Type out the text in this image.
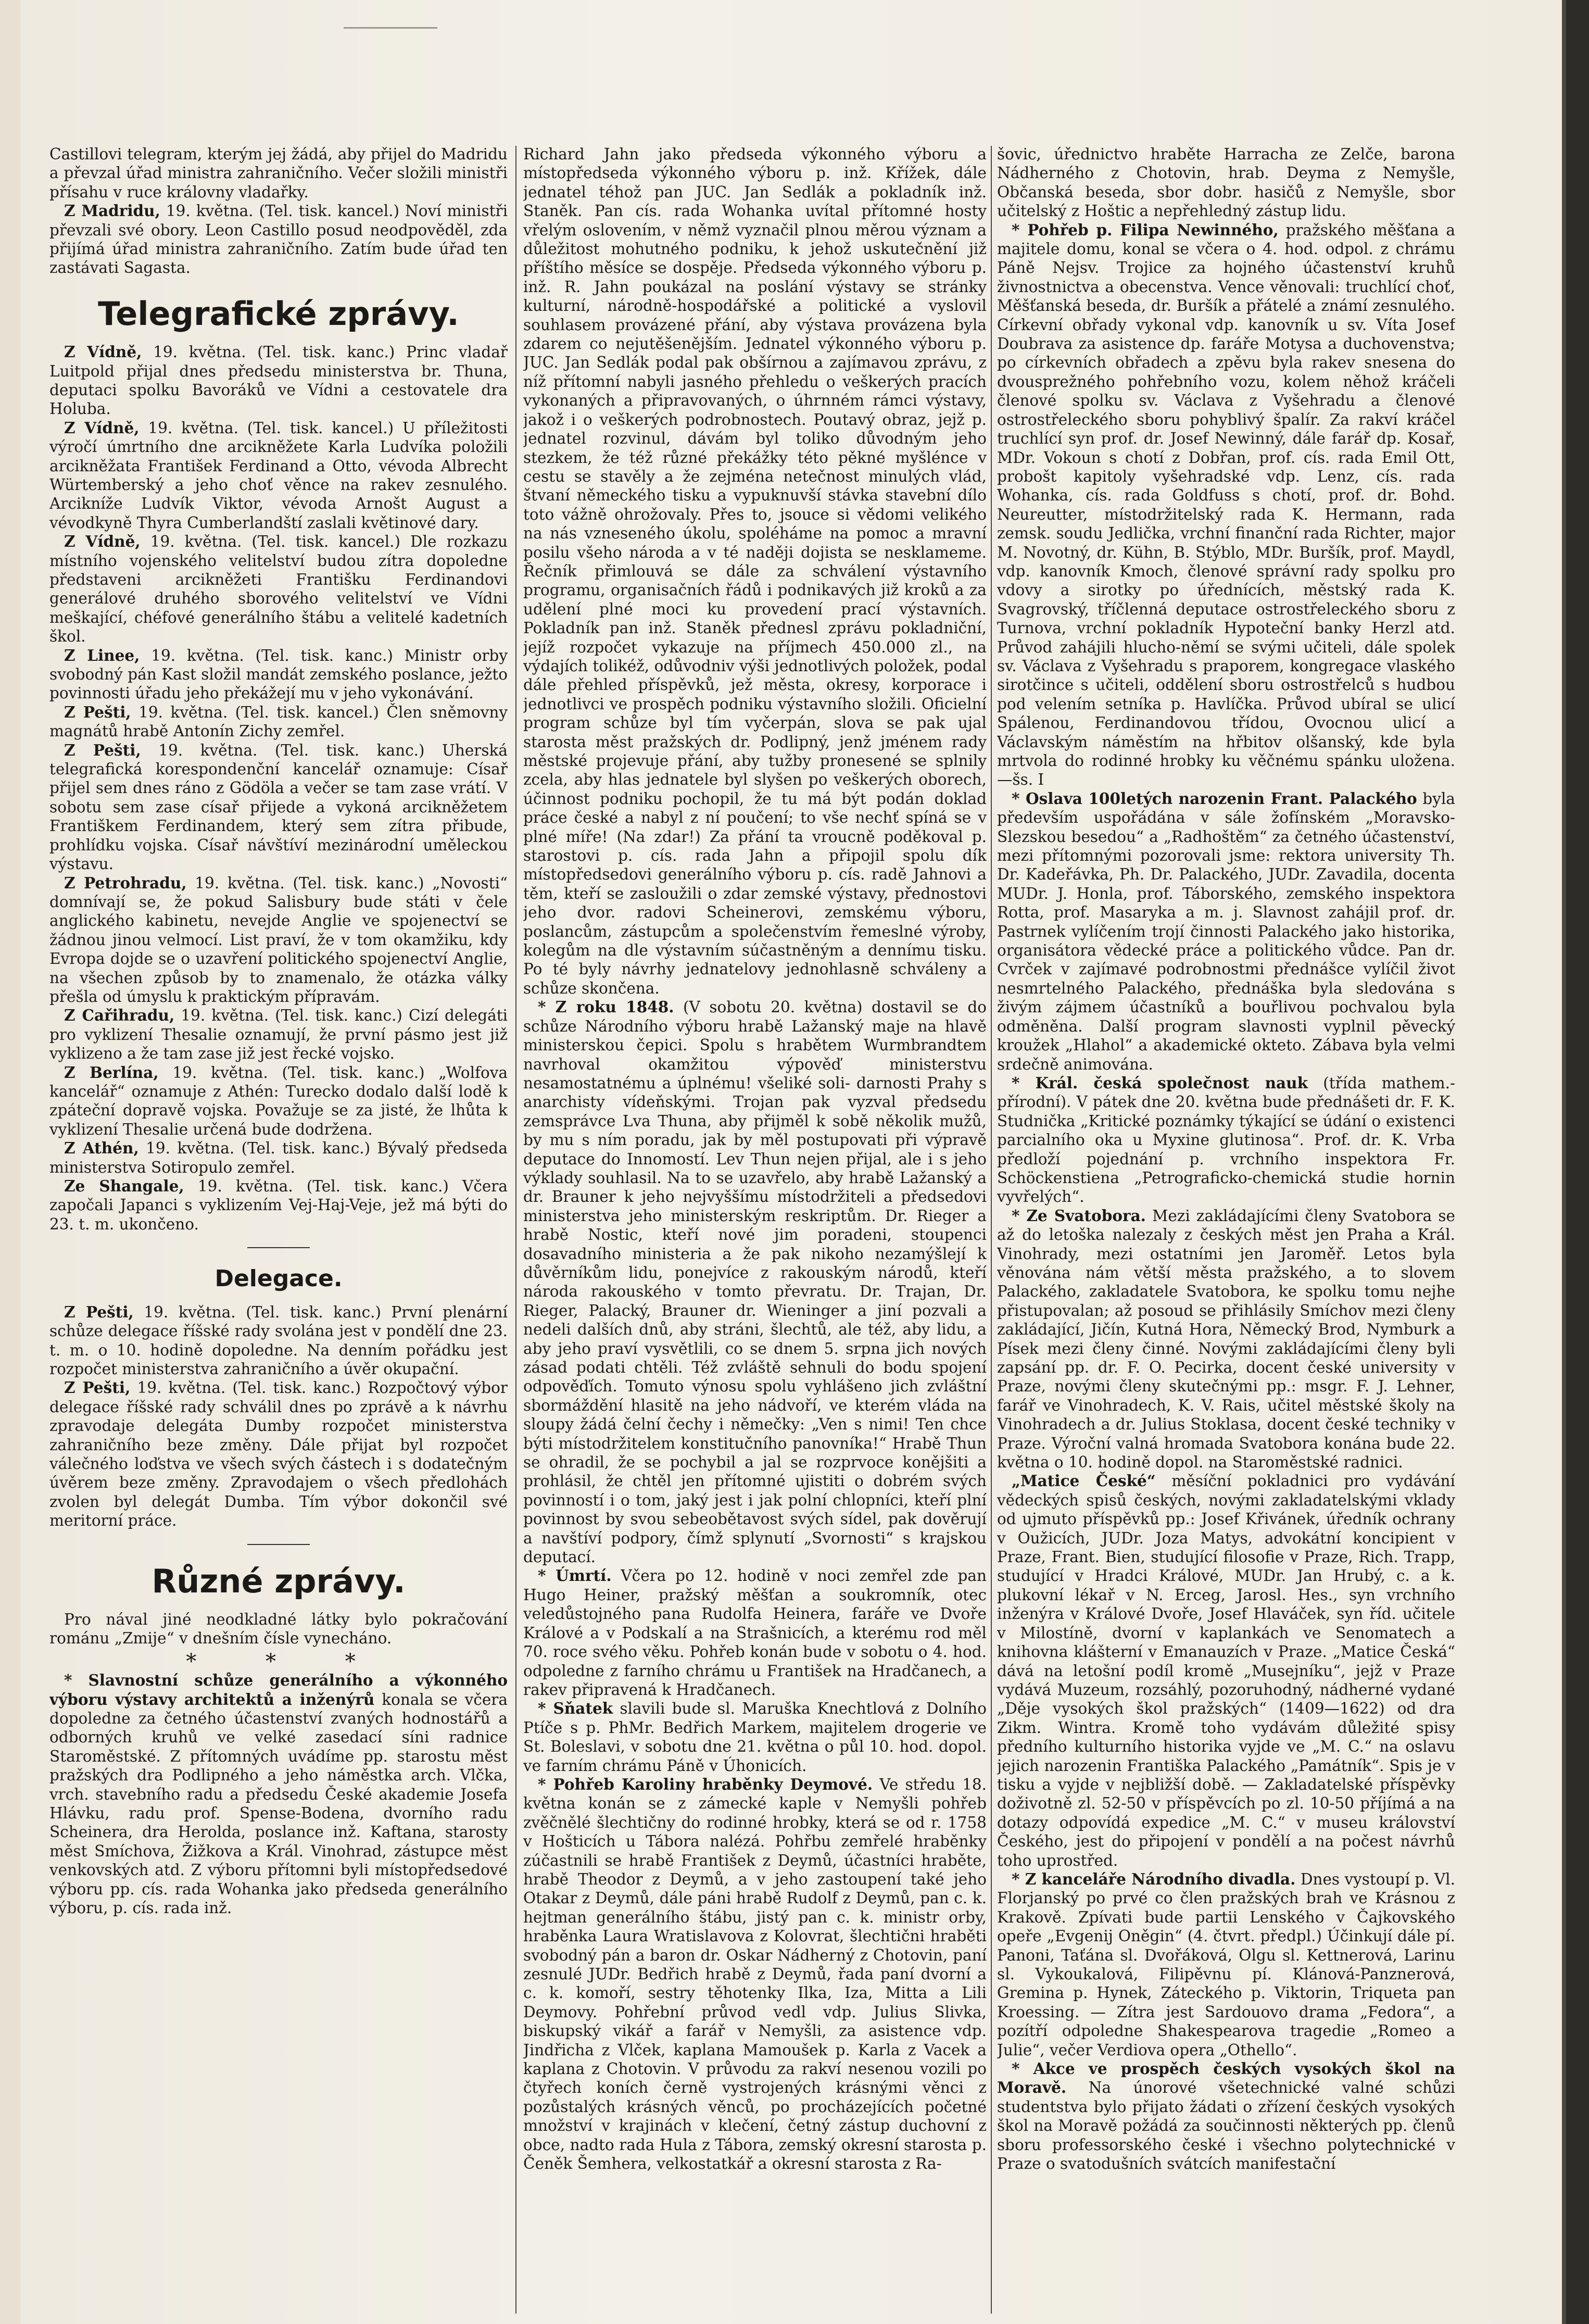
Castillovi telegram, kterým jej žádá, aby přijel do Madridu a převzal úřad ministra zahraničního. Večer složili ministři přísahu v ruce královny vladařky.

Z Madridu, 19. května. (Tel. tisk. kancel.) Noví ministři převzali své obory. Leon Castillo posud neodpověděl, zda přijímá úřad ministra zahraničního. Zatím bude úřad ten zastávati Sagasta.

Telegrafické zprávy.

Z Vídně, 19. května. (Tel. tisk. kanc.) Princ vladař Luitpold přijal dnes předsedu ministerstva br. Thuna, deputaci spolku Bavoráků ve Vídni a cestovatele dra Holuba.

Z Vídně, 19. května. (Tel. tisk. kancel.) U příležitosti výročí úmrtního dne arcikněžete Karla Ludvíka položili arcikněžata František Ferdinand a Otto, vévoda Albrecht Würtemberský a jeho choť věnce na rakev zesnulého. Arcikníže Ludvík Viktor, vévoda Arnošt August a vévodkyně Thyra Cumberlandští zaslali květinové dary.

Z Vídně, 19. května. (Tel. tisk. kancel.) Dle rozkazu místního vojenského velitelství budou zítra dopoledne představeni arcikněžeti Františku Ferdinandovi generálové druhého sborového velitelství ve Vídni meškající, chéfové generálního štábu a velitelé kadetních škol.

Z Linee, 19. května. (Tel. tisk. kanc.) Ministr orby svobodný pán Kast složil mandát zemského poslance, ježto povinnosti úřadu jeho překážejí mu v jeho vykonávání.

Z Pešti, 19. května. (Tel. tisk. kancel.) Člen sněmovny magnátů hrabě Antonín Zichy zemřel.

Z Pešti, 19. května. (Tel. tisk. kanc.) Uherská telegrafická korespondenční kancelář oznamuje: Císař přijel sem dnes ráno z Gödöla a večer se tam zase vrátí. V sobotu sem zase císař přijede a vykoná arcikněžetem Františkem Ferdinandem, který sem zítra přibude, prohlídku vojska. Císař návštíví mezinárodní uměleckou výstavu.

Z Petrohradu, 19. května. (Tel. tisk. kanc.) „Novosti“ domnívají se, že pokud Salisbury bude státi v čele anglického kabinetu, nevejde Anglie ve spojenectví se žádnou jinou velmocí. List praví, že v tom okamžiku, kdy Evropa dojde se o uzavření politického spojenectví Anglie, na všechen způsob by to znamenalo, že otázka války přešla od úmyslu k praktickým přípravám.

Z Cařihradu, 19. května. (Tel. tisk. kanc.) Cizí delegáti pro vyklizení Thesalie oznamují, že první pásmo jest již vyklizeno a že tam zase již jest řecké vojsko.

Z Berlína, 19. května. (Tel. tisk. kanc.) „Wolfova kancelář“ oznamuje z Athén: Turecko dodalo další lodě k zpáteční dopravě vojska. Považuje se za jisté, že lhůta k vyklizení Thesalie určená bude dodržena.

Z Athén, 19. května. (Tel. tisk. kanc.) Bývalý předseda ministerstva Sotiropulo zemřel.

Ze Shangale, 19. května. (Tel. tisk. kanc.) Včera započali Japanci s vyklizením Vej-Haj-Veje, jež má býti do 23. t. m. ukončeno.

Delegace.

Z Pešti, 19. května. (Tel. tisk. kanc.) První plenární schůze delegace říšské rady svolána jest v pondělí dne 23. t. m. o 10. hodině dopoledne. Na denním pořádku jest rozpočet ministerstva zahraničního a úvěr okupační.

Z Pešti, 19. května. (Tel. tisk. kanc.) Rozpočtový výbor delegace říšské rady schválil dnes po zprávě a k návrhu zpravodaje delegáta Dumby rozpočet ministerstva zahraničního beze změny. Dále přijat byl rozpočet válečného loďstva ve všech svých částech i s dodatečným úvěrem beze změny. Zpravodajem o všech předlohách zvolen byl delegát Dumba. Tím výbor dokončil své meritorní práce.

Různé zprávy.

Pro nával jiné neodkladné látky bylo pokračování románu „Zmije“ v dnešním čísle vynecháno.

* * *

* Slavnostní schůze generálního a výkonného výboru výstavy architektů a inženýrů konala se včera dopoledne za četného účastenství zvaných hodnostářů a odborných kruhů ve velké zasedací síni radnice Staroměstské. Z přítomných uvádíme pp. starostu měst pražských dra Podlipného a jeho náměstka arch. Vlčka, vrch. stavebního radu a předsedu České akademie Josefa Hlávku, radu prof. Spense-Bodena, dvorního radu Scheinera, dra Herolda, poslance inž. Kaftana, starosty měst Smíchova, Žižkova a Král. Vinohrad, zástupce měst venkovských atd. Z výboru přítomni byli místopředsedové výboru pp. cís. rada Wohanka jako předseda generálního výboru, p. cís. rada inž.

Richard Jahn jako předseda výkonného výboru a místopředseda výkonného výboru p. inž. Křížek, dále jednatel téhož pan JUC. Jan Sedlák a pokladník inž. Staněk. Pan cís. rada Wohanka uvítal přítomné hosty vřelým oslovením, v němž vyznačil plnou měrou význam a důležitost mohutného podniku, k jehož uskutečnění již příštího měsíce se dospěje. Předseda výkonného výboru p. inž. R. Jahn poukázal na poslání výstavy se stránky kulturní, národně-hospodářské a politické a vyslovil souhlasem provázené přání, aby výstava provázena byla zdarem co nejutěšenějším. Jednatel výkonného výboru p. JUC. Jan Sedlák podal pak obšírnou a zajímavou zprávu, z níž přítomní nabyli jasného přehledu o veškerých pracích vykonaných a připravovaných, o úhrnném rámci výstavy, jakož i o veškerých podrobnostech. Poutavý obraz, jejž p. jednatel rozvinul, dávám byl toliko důvodným jeho stezkem, že též různé překážky této pěkné myšlénce v cestu se stavěly a že zejména netečnost minulých vlád, štvaní německého tisku a vypuknuvší stávka stavební dílo toto vážně ohrožovaly. Přes to, jsouce si vědomi velikého na nás vzneseného úkolu, spoléháme na pomoc a mravní posilu všeho národa a v té naději dojista se nesklameme. Řečník přimlouvá se dále za schválení výstavního programu, organisačních řádů i podnikavých již kroků a za udělení plné moci ku provedení prací výstavních. Pokladník pan inž. Staněk přednesl zprávu pokladniční, jejíž rozpočet vykazuje na příjmech 450.000 zl., na výdajích tolikéž, odůvodniv výši jednotlivých položek, podal dále přehled příspěvků, jež města, okresy, korporace i jednotlivci ve prospěch podniku výstavního složili. Oficielní program schůze byl tím vyčerpán, slova se pak ujal starosta měst pražských dr. Podlipný, jenž jménem rady městské projevuje přání, aby tužby pronesené se splnily zcela, aby hlas jednatele byl slyšen po veškerých oborech, účinnost podniku pochopil, že tu má být podán doklad práce české a nabyl z ní poučení; to vše nechť spíná se v plné míře! (Na zdar!) Za přání ta vroucně poděkoval p. starostovi p. cís. rada Jahn a připojil spolu dík místopředsedovi generálního výboru p. cís. radě Jahnovi a těm, kteří se zasloužili o zdar zemské výstavy, přednostovi jeho dvor. radovi Scheinerovi, zemskému výboru, poslancům, zástupcům a společenstvím řemeslné výroby, kolegům na dle výstavním súčastněným a dennímu tisku. Po té byly návrhy jednatelovy jednohlasně schváleny a schůze skončena.

* Z roku 1848. (V sobotu 20. května) dostavil se do schůze Národního výboru hrabě Lažanský maje na hlavě ministerskou čepici. Spolu s hrabětem Wurmbrandtem navrhoval okamžitou výpověď ministerstvu nesamostatnému a úplnému! všeliké soli- darnosti Prahy s anarchisty vídeňskými. Trojan pak vyzval předsedu zemsprávce Lva Thuna, aby přijměl k sobě několik mužů, by mu s ním poradu, jak by měl postupovati při výpravě deputace do Innomostí. Lev Thun nejen přijal, ale i s jeho výklady souhlasil. Na to se uzavřelo, aby hrabě Lažanský a dr. Brauner k jeho nejvyššímu místodržiteli a předsedovi ministerstva jeho ministerským reskriptům. Dr. Rieger a hrabě Nostic, kteří nové jim poradeni, stoupenci dosavadního ministeria a že pak nikoho nezamýšlejí k důvěrníkům lidu, ponejvíce z rakouským národů, kteří národa rakouského v tomto převratu. Dr. Trajan, Dr. Rieger, Palacký, Brauner dr. Wieninger a jiní pozvali a nedeli dalších dnů, aby stráni, šlechtů, ale též, aby lidu, a aby jeho praví vysvětlili, co se dnem 5. srpna jich nových zásad podati chtěli. Též zvláště sehnuli do bodu spojení odpověďích. Tomuto výnosu spolu vyhlášeno jich zvláštní sbormáždění hlasitě na jeho nádvoří, ve kterém vláda na sloupy žádá čelní čechy i němečky: „Ven s nimi! Ten chce býti místodržitelem konstitučního panovníka!“ Hrabě Thun se ohradil, že se pochybil a jal se rozprvoce konějšiti a prohlásil, že chtěl jen přítomné ujistiti o dobrém svých povinností i o tom, jaký jest i jak polní chlopníci, kteří plní povinnost by svou sebeobětavost svých sídel, pak dověrují a navštíví podpory, čímž splynutí „Svornosti“ s krajskou deputací.

* Úmrtí. Včera po 12. hodině v noci zemřel zde pan Hugo Heiner, pražský měšťan a soukromník, otec veledůstojného pana Rudolfa Heinera, faráře ve Dvoře Králové a v Podskalí a na Strašnicích, a kterému rod měl 70. roce svého věku. Pohřeb konán bude v sobotu o 4. hod. odpoledne z farního chrámu u František na Hradčanech, a rakev připravená k Hradčanech.

* Sňatek slavili bude sl. Maruška Knechtlová z Dolního Ptíče s p. PhMr. Bedřich Markem, majitelem drogerie ve St. Boleslavi, v sobotu dne 21. května o půl 10. hod. dopol. ve farním chrámu Páně v Úhonicích.

* Pohřeb Karoliny hraběnky Deymové. Ve středu 18. května konán se z zámecké kaple v Nemyšli pohřeb zvěčnělé šlechtičny do rodinné hrobky, která se od r. 1758 v Hošticích u Tábora nalézá. Pohřbu zemřelé hraběnky zúčastnili se hrabě František z Deymů, účastníci hraběte, hrabě Theodor z Deymů, a v jeho zastoupení také jeho Otakar z Deymů, dále páni hrabě Rudolf z Deymů, pan c. k. hejtman generálního štábu, jistý pan c. k. ministr orby, hraběnka Laura Wratislavova z Kolovrat, šlechtični hraběti svobodný pán a baron dr. Oskar Nádherný z Chotovin, paní zesnulé JUDr. Bedřich hrabě z Deymů, řada paní dvorní a c. k. komoří, sestry těhotenky Ilka, Iza, Mitta a Lili Deymovy. Pohřební průvod vedl vdp. Julius Slivka, biskupský vikář a farář v Nemyšli, za asistence vdp. Jindřicha z Vlček, kaplana Mamoušek p. Karla z Vacek a kaplana z Chotovin. V průvodu za rakví nesenou vozili po čtyřech koních černě vystrojených krásnými věnci z pozůstalých krásných věnců, po procházejících početné množství v krajinách v klečení, četný zástup duchovní z obce, nadto rada Hula z Tábora, zemský okresní starosta p. Čeněk Šemhera, velkostatkář a okresní starosta z Ra-

šovic, úřednictvo hraběte Harracha ze Zelče, barona Nádherného z Chotovin, hrab. Deyma z Nemyšle, Občanská beseda, sbor dobr. hasičů z Nemyšle, sbor učitelský z Hoštic a nepřehledný zástup lidu.

* Pohřeb p. Filipa Newinného, pražského měšťana a majitele domu, konal se včera o 4. hod. odpol. z chrámu Páně Nejsv. Trojice za hojného účastenství kruhů živnostnictva a obecenstva. Vence věnovali: truchlící choť, Měšťanská beseda, dr. Buršík a přátelé a známí zesnulého. Církevní obřady vykonal vdp. kanovník u sv. Víta Josef Doubrava za asistence dp. faráře Motysa a duchovenstva; po církevních obřadech a zpěvu byla rakev snesena do dvousprežného pohřebního vozu, kolem něhož kráčeli členové spolku sv. Václava z Vyšehradu a členové ostrostřeleckého sboru pohyblivý špalír. Za rakví kráčel truchlící syn prof. dr. Josef Newinný, dále farář dp. Kosař, MDr. Vokoun s chotí z Dobřan, prof. cís. rada Emil Ott, probošt kapitoly vyšehradské vdp. Lenz, cís. rada Wohanka, cís. rada Goldfuss s chotí, prof. dr. Bohd. Neureutter, místodržitelský rada K. Hermann, rada zemsk. soudu Jedlička, vrchní finanční rada Richter, major M. Novotný, dr. Kühn, B. Stýblo, MDr. Buršík, prof. Maydl, vdp. kanovník Kmoch, členové správní rady spolku pro vdovy a sirotky po úřednících, městský rada K. Svagrovský, tříčlenná deputace ostrostřeleckého sboru z Turnova, vrchní pokladník Hypoteční banky Herzl atd. Průvod zahájili hlucho-němí se svými učiteli, dále spolek sv. Václava z Vyšehradu s praporem, kongregace vlaského sirotčince s učiteli, oddělení sboru ostrostřelců s hudbou pod velením setníka p. Havlíčka. Průvod ubíral se ulicí Spálenou, Ferdinandovou třídou, Ovocnou ulicí a Václavským náměstím na hřbitov olšanský, kde byla mrtvola do rodinné hrobky ku věčnému spánku uložena. —šs. I

* Oslava 100letých narozenin Frant. Palackého byla především uspořádána v sále žofínském „Moravsko-Slezskou besedou“ a „Radhoštěm“ za četného účastenství, mezi přítomnými pozorovali jsme: rektora university Th. Dr. Kadeřávka, Ph. Dr. Palackého, JUDr. Zavadila, docenta MUDr. J. Honla, prof. Táborského, zemského inspektora Rotta, prof. Masaryka a m. j. Slavnost zahájil prof. dr. Pastrnek vylíčením trojí činnosti Palackého jako historika, organisátora vědecké práce a politického vůdce. Pan dr. Cvrček v zajímavé podrobnostmi přednášce vylíčil život nesmrtelného Palackého, přednáška byla sledována s živým zájmem účastníků a bouřlivou pochvalou byla odměněna. Další program slavnosti vyplnil pěvecký kroužek „Hlahol“ a akademické okteto. Zábava byla velmi srdečně animována.

* Král. česká společnost nauk (třída mathem.-přírodní). V pátek dne 20. května bude přednášeti dr. F. K. Studnička „Kritické poznámky týkající se údání o existenci parcialního oka u Myxine glutinosa“. Prof. dr. K. Vrba předloží pojednání p. vrchního inspektora Fr. Schöckenstiena „Petrograficko-chemická studie hornin vyvřelých“.

* Ze Svatobora. Mezi zakládajícími členy Svatobora se až do letoška nalezaly z českých měst jen Praha a Král. Vinohrady, mezi ostatními jen Jaroměř. Letos byla věnována nám větší města pražského, a to slovem Palackého, zakladatele Svatobora, ke spolku tomu nejhe přistupovalan; až posoud se přihlásily Smíchov mezi členy zakládající, Jičín, Kutná Hora, Německý Brod, Nymburk a Písek mezi členy činné. Novými zakládajícími členy byli zapsání pp. dr. F. O. Pecirka, docent české university v Praze, novými členy skutečnými pp.: msgr. F. J. Lehner, farář ve Vinohradech, K. V. Rais, učitel městské školy na Vinohradech a dr. Julius Stoklasa, docent české techniky v Praze. Výroční valná hromada Svatobora konána bude 22. května o 10. hodině dopol. na Staroměstské radnici.

„Matice České“ měsíční pokladnici pro vydávání vědeckých spisů českých, novými zakladatelskými vklady od ujmuto příspěvků pp.: Josef Křivánek, úředník ochrany v Oužicích, JUDr. Joza Matys, advokátní koncipient v Praze, Frant. Bien, studující filosofie v Praze, Rich. Trapp, studující v Hradci Králové, MUDr. Jan Hrubý, c. a k. plukovní lékař v N. Erceg, Jarosl. Hes., syn vrchního inženýra v Králové Dvoře, Josef Hlaváček, syn říd. učitele v Milostíně, dvorní v kaplankách ve Senomatech a knihovna klášterní v Emanauzích v Praze. „Matice Česká“ dává na letošní podíl kromě „Musejníku“, jejž v Praze vydává Muzeum, rozsáhlý, pozoruhodný, nádherné vydané „Děje vysokých škol pražských“ (1409—1622) od dra Zikm. Wintra. Kromě toho vydávám důležité spisy předního kulturního historika vyjde ve „M. C.“ na oslavu jejich narozenin Františka Palackého „Památník“. Spis je v tisku a vyjde v nejbližší době. — Zakladatelské příspěvky doživotně zl. 52-50 v příspěvcích po zl. 10-50 příjímá a na dotazy odpovídá expedice „M. C.“ v museu království Českého, jest do připojení v pondělí a na počest návrhů toho uprostřed.

* Z kanceláře Národního divadla. Dnes vystoupí p. Vl. Florjanský po prvé co člen pražských brah ve Krásnou z Krakově. Zpívati bude partii Lenského v Čajkovského opeře „Evgenij Oněgin“ (4. čtvrt. předpl.) Účinkují dále pí. Panoni, Taťána sl. Dvořáková, Olgu sl. Kettnerová, Larinu sl. Vykoukalová, Filipěvnu pí. Klánová-Panznerová, Gremina p. Hynek, Záteckého p. Viktorin, Triqueta pan Kroessing. — Zítra jest Sardouovo drama „Fedora“, a pozítří odpoledne Shakespearova tragedie „Romeo a Julie“, večer Verdiova opera „Othello“.

* Akce ve prospěch českých vysokých škol na Moravě. Na únorové všetechnické valné schůzi studentstva bylo přijato žádati o zřízení českých vysokých škol na Moravě požádá za součinnosti některých pp. členů sboru professorského české i všechno polytechnické v Praze o svatodušních svátcích manifestační
